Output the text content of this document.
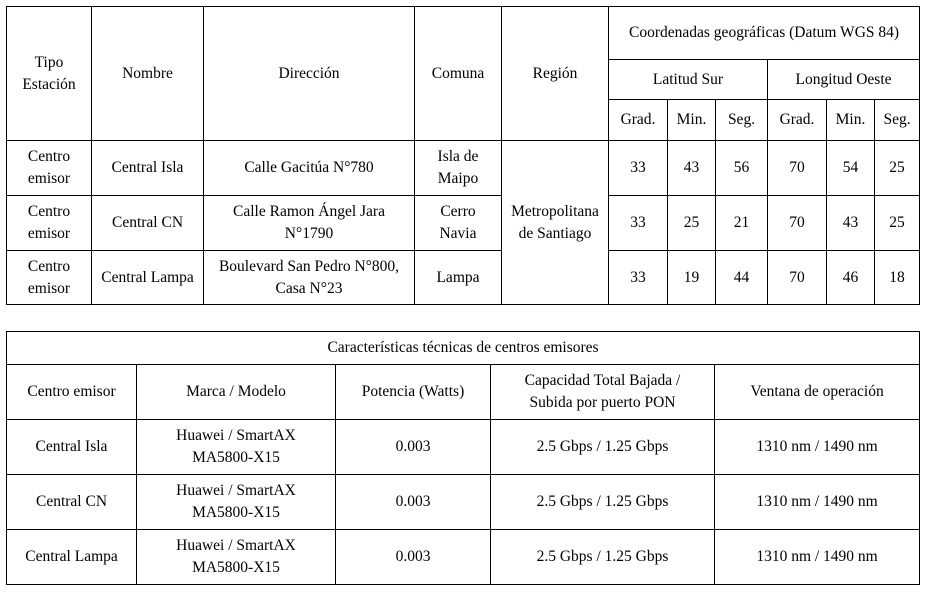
Tipo Estación	Nombre	Dirección	Comuna	Región	Coordenadas geográficas (Datum WGS 84)					
					Latitud Sur			Longitud Oeste		
					Grad.	Min.	Seg.	Grad.	Min.	Seg.
Centro emisor	Central Isla	Calle Gacitúa N°780	Isla de Maipo	Metropolitana de Santiago	33	43	56	70	54	25
Centro emisor	Central CN	Calle Ramon Ángel Jara N°1790	Cerro Navia		33	25	21	70	43	25
Centro emisor	Central Lampa	Boulevard San Pedro N°800, Casa N°23	Lampa		33	19	44	70	46	18
Características técnicas de centros emisores				
Centro emisor	Marca / Modelo	Potencia (Watts)	Capacidad Total Bajada / Subida por puerto PON	Ventana de operación
Central Isla	Huawei / SmartAX MA5800-X15	0.003	2.5 Gbps / 1.25 Gbps	1310 nm / 1490 nm
Central CN	Huawei / SmartAX MA5800-X15	0.003	2.5 Gbps / 1.25 Gbps	1310 nm / 1490 nm
Central Lampa	Huawei / SmartAX MA5800-X15	0.003	2.5 Gbps / 1.25 Gbps	1310 nm / 1490 nm
